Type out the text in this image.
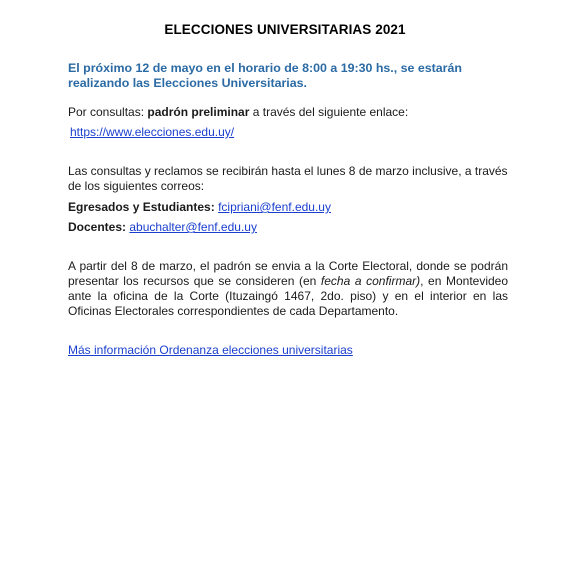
ELECCIONES UNIVERSITARIAS 2021
El próximo 12 de mayo en el horario de 8:00 a 19:30 hs., se estarán realizando las Elecciones Universitarias.
Por consultas: padrón preliminar a través del siguiente enlace:
https://www.elecciones.edu.uy/
Las consultas y reclamos se recibirán hasta el lunes 8 de marzo inclusive, a través de los siguientes correos:
Egresados y Estudiantes: fcipriani@fenf.edu.uy
Docentes: abuchalter@fenf.edu.uy
A partir del 8 de marzo, el padrón se envia a la Corte Electoral, donde se podrán presentar los recursos que se consideren (en fecha a confirmar), en Montevideo ante la oficina de la Corte (Ituzaingó 1467, 2do. piso) y en el interior en las Oficinas Electorales correspondientes de cada Departamento.
Más información Ordenanza elecciones universitarias
